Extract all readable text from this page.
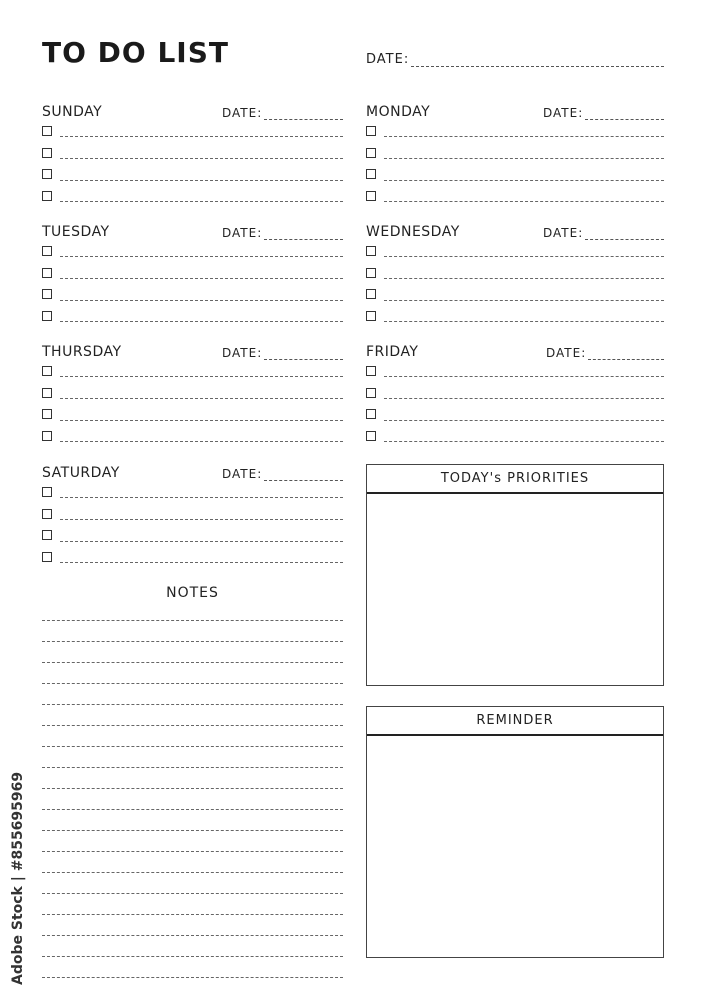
TO DO LIST	DATE:
SUNDAY	DATE:	MONDAY	DATE:
TUESDAY	DATE:	WEDNESDAY	DATE:
THURSDAY	DATE:	FRIDAY	DATE:
SATURDAY	DATE:
NOTES
TODAY's PRIORITIES
REMINDER
Adobe Stock | #855695969
